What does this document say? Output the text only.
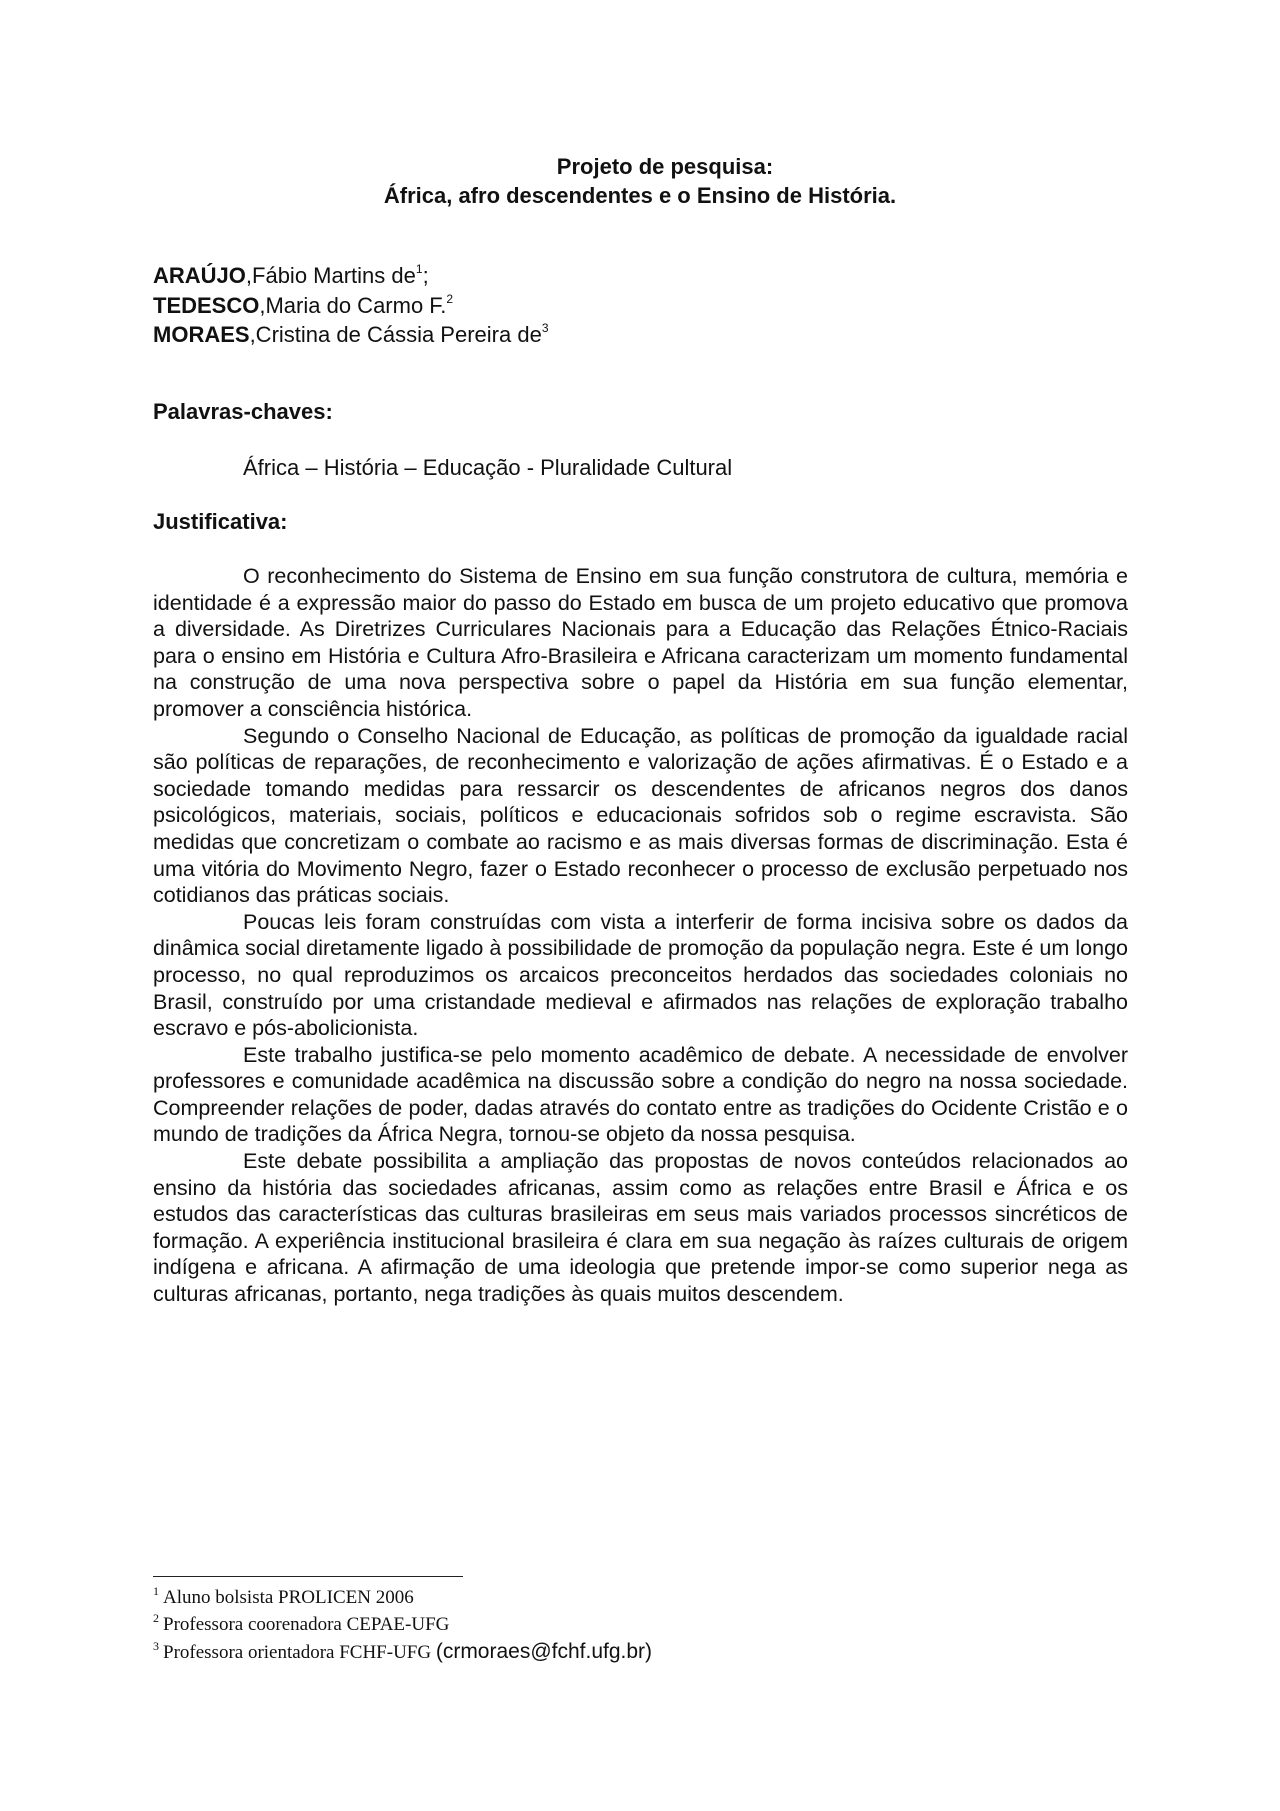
Projeto de pesquisa:
África, afro descendentes e o Ensino de História.
ARAÚJO,Fábio Martins $de^1$;
TEDESCO,Maria do Carmo F.$^2$
MORAES,Cristina de Cássia Pereira $de^3$
Palavras-chaves:
África – História – Educação - Pluralidade Cultural
Justificativa:

O reconhecimento do Sistema de Ensino em sua função construtora de cultura, memória e identidade é a expressão maior do passo do Estado em busca de um projeto educativo que promova a diversidade. As Diretrizes Curriculares Nacionais para a Educação das Relações Étnico-Raciais para o ensino em História e Cultura Afro-Brasileira e Africana caracterizam um momento fundamental na construção de uma nova perspectiva sobre o papel da História em sua função elementar, promover a consciência histórica.

Segundo o Conselho Nacional de Educação, as políticas de promoção da igualdade racial são políticas de reparações, de reconhecimento e valorização de ações afirmativas. É o Estado e a sociedade tomando medidas para ressarcir os descendentes de africanos negros dos danos psicológicos, materiais, sociais, políticos e educacionais sofridos sob o regime escravista. São medidas que concretizam o combate ao racismo e as mais diversas formas de discriminação. Esta é uma vitória do Movimento Negro, fazer o Estado reconhecer o processo de exclusão perpetuado nos cotidianos das práticas sociais.

Poucas leis foram construídas com vista a interferir de forma incisiva sobre os dados da dinâmica social diretamente ligado à possibilidade de promoção da população negra. Este é um longo processo, no qual reproduzimos os arcaicos preconceitos herdados das sociedades coloniais no Brasil, construído por uma cristandade medieval e afirmados nas relações de exploração trabalho escravo e pós-abolicionista.

Este trabalho justifica-se pelo momento acadêmico de debate. A necessidade de envolver professores e comunidade acadêmica na discussão sobre a condição do negro na nossa sociedade. Compreender relações de poder, dadas através do contato entre as tradições do Ocidente Cristão e o mundo de tradições da África Negra, tornou-se objeto da nossa pesquisa.

Este debate possibilita a ampliação das propostas de novos conteúdos relacionados ao ensino da história das sociedades africanas, assim como as relações entre Brasil e África e os estudos das características das culturas brasileiras em seus mais variados processos sincréticos de formação. A experiência institucional brasileira é clara em sua negação às raízes culturais de origem indígena e africana. A afirmação de uma ideologia que pretende impor-se como superior nega as culturas africanas, portanto, nega tradições às quais muitos descendem.

$^1$ Aluno bolsista PROLICEN 2006
$^2$ Professora coorenadora CEPAE-UFG
$^3$ Professora orientadora FCHF-UFG (crmoraes@fchf.ufg.br)
